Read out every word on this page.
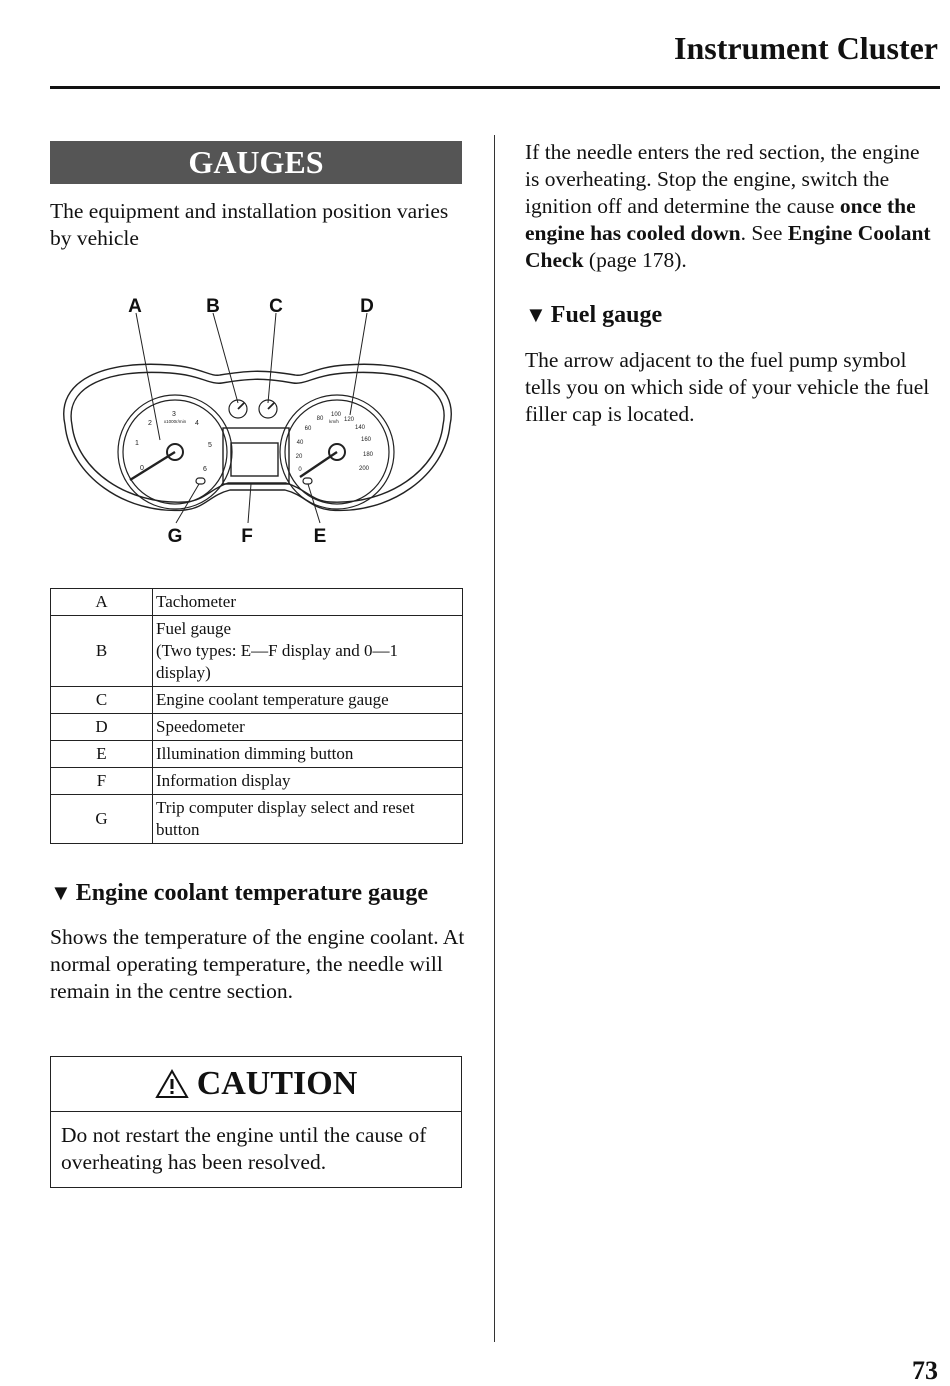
Instrument Cluster
GAUGES

The equipment and installation position varies by vehicle

1
2
3
4
5
6
0
x1000r/min
0
20
40
60
80
100
120
140
160
180
200
km/h
A	B	C	D
G	F	E
A	Tachometer

B	Fuel gauge
(Two types: E—F display and 0—1
display)

C	Engine coolant temperature gauge

D	Speedometer

E	Illumination dimming button

F	Information display

G	Trip computer display select and reset
button
▼ Engine coolant temperature gauge

Shows the temperature of the engine coolant. At normal operating temperature, the needle will remain in the centre section.

CAUTION
Do not restart the engine until the cause of overheating has been resolved.

If the needle enters the red section, the engine is overheating. Stop the engine, switch the ignition off and determine the cause once the engine has cooled down. See Engine Coolant Check (page 178).

▼ Fuel gauge

The arrow adjacent to the fuel pump symbol tells you on which side of your vehicle the fuel filler cap is located.

73
